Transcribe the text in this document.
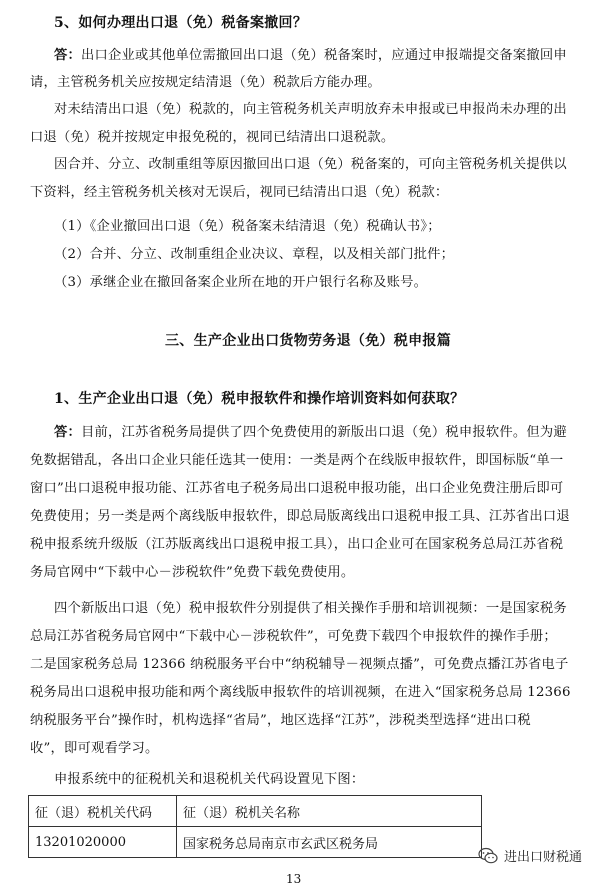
5、如何办理出口退（免）税备案撤回？
答：出口企业或其他单位需撤回出口退（免）税备案时，应通过申报端提交备案撤回申
请，主管税务机关应按规定结清退（免）税款后方能办理。
对未结清出口退（免）税款的，向主管税务机关声明放弃未申报或已申报尚未办理的出
口退（免）税并按规定申报免税的，视同已结清出口退税款。
因合并、分立、改制重组等原因撤回出口退（免）税备案的，可向主管税务机关提供以
下资料，经主管税务机关核对无误后，视同已结清出口退（免）税款：
（1）《企业撤回出口退（免）税备案未结清退（免）税确认书》；
（2）合并、分立、改制重组企业决议、章程，以及相关部门批件；
（3）承继企业在撤回备案企业所在地的开户银行名称及账号。
三、生产企业出口货物劳务退（免）税申报篇
1、生产企业出口退（免）税申报软件和操作培训资料如何获取？
答：目前，江苏省税务局提供了四个免费使用的新版出口退（免）税申报软件。但为避
免数据错乱，各出口企业只能任选其一使用：一类是两个在线版申报软件，即国标版“单一
窗口”出口退税申报功能、江苏省电子税务局出口退税申报功能，出口企业免费注册后即可
免费使用；另一类是两个离线版申报软件，即总局版离线出口退税申报工具、江苏省出口退
税申报系统升级版（江苏版离线出口退税申报工具），出口企业可在国家税务总局江苏省税
务局官网中“下载中心－涉税软件”免费下载免费使用。
四个新版出口退（免）税申报软件分别提供了相关操作手册和培训视频：一是国家税务
总局江苏省税务局官网中“下载中心－涉税软件”，可免费下载四个申报软件的操作手册；
二是国家税务总局 12366 纳税服务平台中“纳税辅导－视频点播”，可免费点播江苏省电子
税务局出口退税申报功能和两个离线版申报软件的培训视频，在进入“国家税务总局 12366
纳税服务平台”操作时，机构选择“省局”，地区选择“江苏”，涉税类型选择“进出口税
收”，即可观看学习。
申报系统中的征税机关和退税机关代码设置见下图：
征（退）税机关代码	征（退）税机关名称
13201020000	国家税务总局南京市玄武区税务局
13
进出口财税通
